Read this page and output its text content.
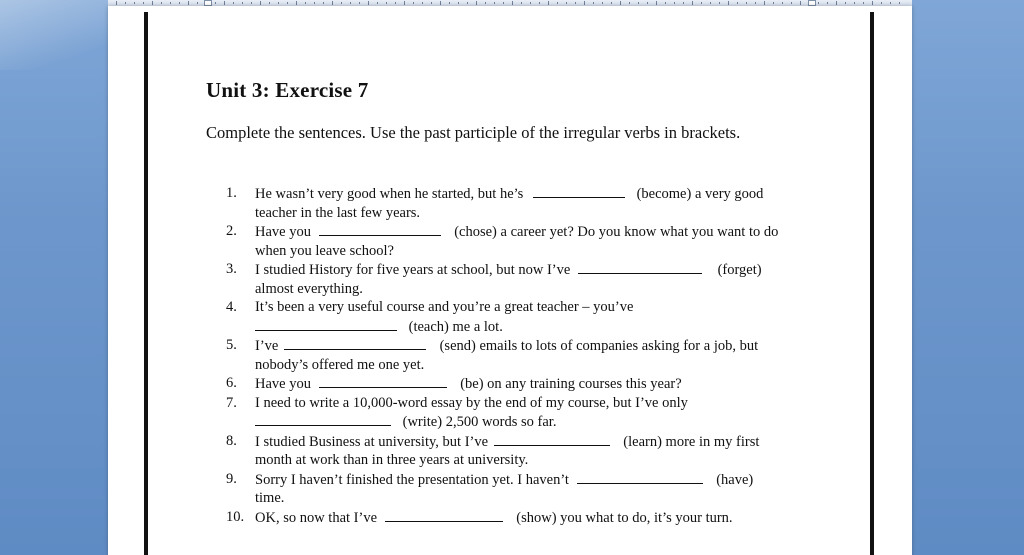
Unit 3: Exercise 7
Complete the sentences. Use the past participle of the irregular verbs in brackets.
1.	He wasn’t very good when he started, but he’s	(become) a very good
teacher in the last few years.
2.	Have you	(chose) a career yet? Do you know what you want to do
when you leave school?
3.	I studied History for five years at school, but now I’ve	(forget)
almost everything.
4.	It’s been a very useful course and you’re a great teacher – you’ve
(teach) me a lot.
5.	I’ve	(send) emails to lots of companies asking for a job, but
nobody’s offered me one yet.
6.	Have you	(be) on any training courses this year?
7.	I need to write a 10,000-word essay by the end of my course, but I’ve only
(write) 2,500 words so far.
8.	I studied Business at university, but I’ve	(learn) more in my first
month at work than in three years at university.
9.	Sorry I haven’t finished the presentation yet. I haven’t	(have)
time.
10. OK, so now that I’ve	(show) you what to do, it’s your turn.
